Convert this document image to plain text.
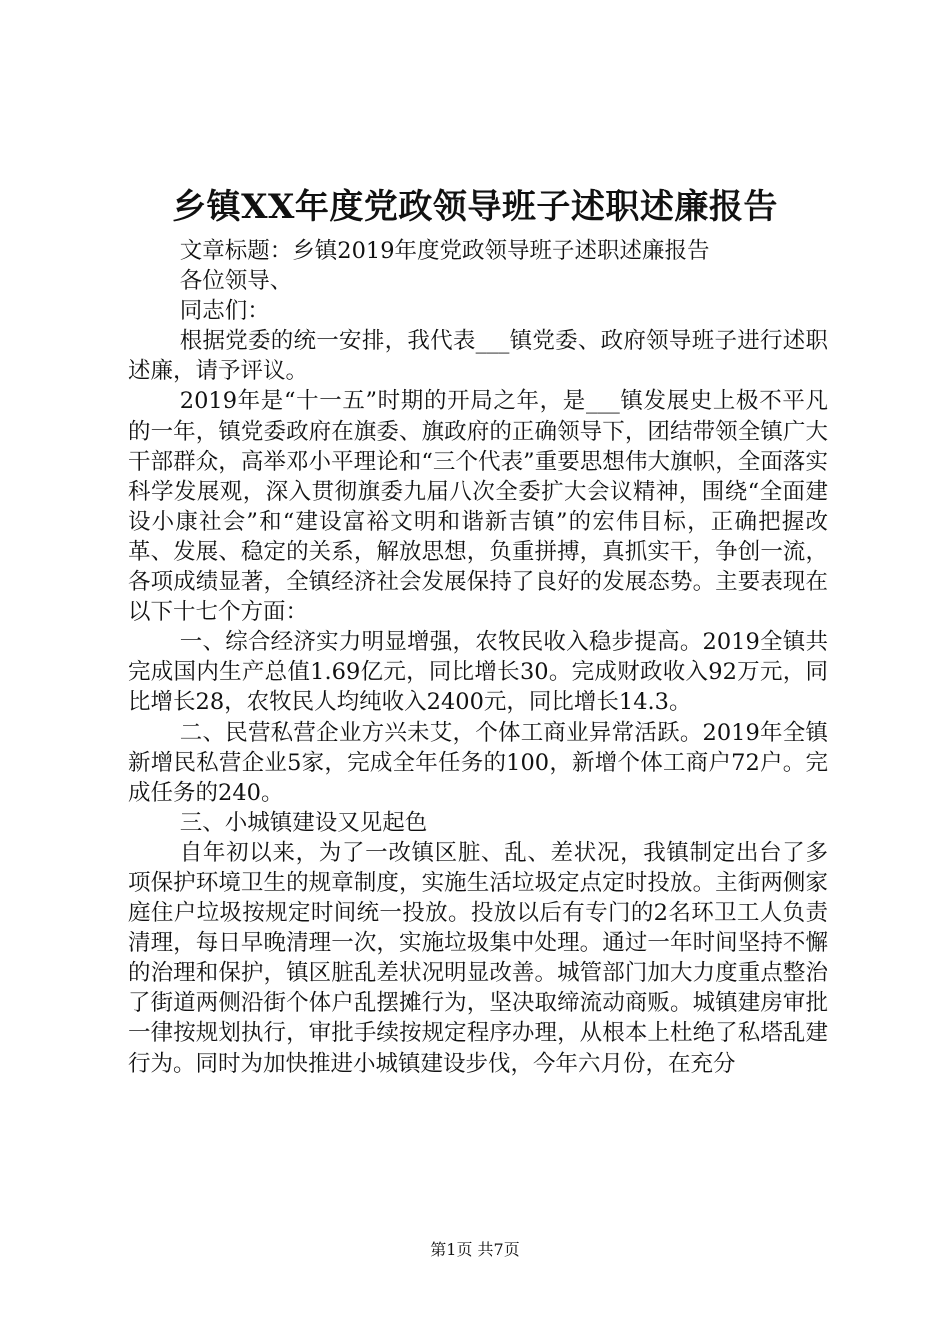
乡镇XX年度党政领导班子述职述廉报告

文章标题：乡镇2019年度党政领导班子述职述廉报告

各位领导、

同志们：

根据党委的统一安排，我代表___镇党委、政府领导班子进行述职述廉，请予评议。

2019年是“十一五”时期的开局之年，是___镇发展史上极不平凡的一年，镇党委政府在旗委、旗政府的正确领导下，团结带领全镇广大干部群众，高举邓小平理论和“三个代表”重要思想伟大旗帜，全面落实科学发展观，深入贯彻旗委九届八次全委扩大会议精神，围绕“全面建设小康社会”和“建设富裕文明和谐新吉镇”的宏伟目标，正确把握改革、发展、稳定的关系，解放思想，负重拼搏，真抓实干，争创一流，各项成绩显著，全镇经济社会发展保持了良好的发展态势。主要表现在以下十七个方面：

一、综合经济实力明显增强，农牧民收入稳步提高。2019全镇共完成国内生产总值1.69亿元，同比增长30。完成财政收入92万元，同比增长28，农牧民人均纯收入2400元，同比增长14.3。

二、民营私营企业方兴未艾，个体工商业异常活跃。2019年全镇新增民私营企业5家，完成全年任务的100，新增个体工商户72户。完成任务的240。

三、小城镇建设又见起色

自年初以来，为了一改镇区脏、乱、差状况，我镇制定出台了多项保护环境卫生的规章制度，实施生活垃圾定点定时投放。主街两侧家庭住户垃圾按规定时间统一投放。投放以后有专门的2名环卫工人负责清理，每日早晚清理一次，实施垃圾集中处理。通过一年时间坚持不懈的治理和保护，镇区脏乱差状况明显改善。城管部门加大力度重点整治了街道两侧沿街个体户乱摆摊行为，坚决取缔流动商贩。城镇建房审批一律按规划执行，审批手续按规定程序办理，从根本上杜绝了私塔乱建行为。同时为加快推进小城镇建设步伐，今年六月份，在充分

第1页 共7页
